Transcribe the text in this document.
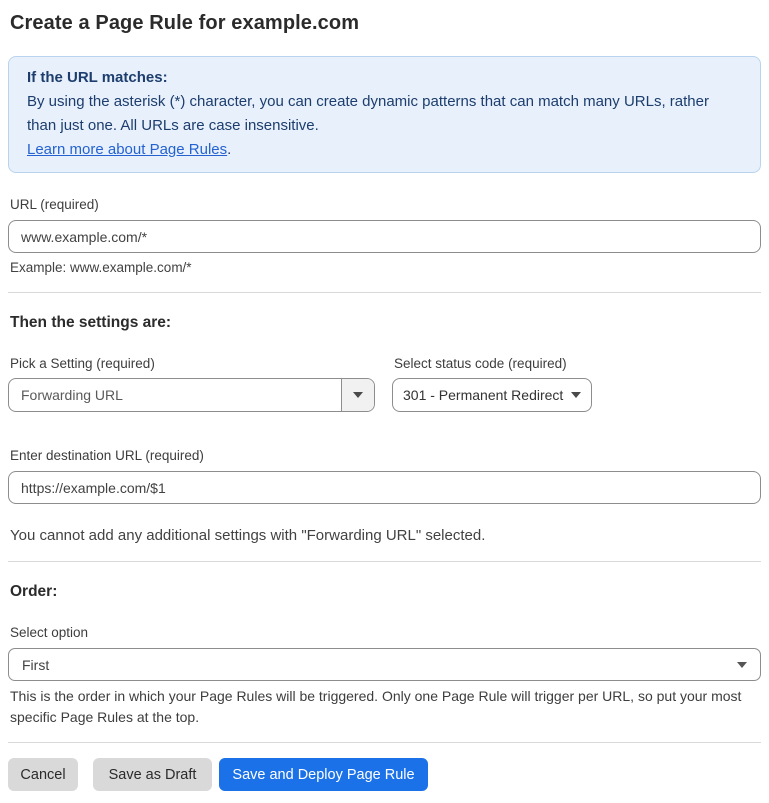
Create a Page Rule for example.com
If the URL matches:
By using the asterisk (*) character, you can create dynamic patterns that can match many URLs, rather than just one. All URLs are case insensitive.
Learn more about Page Rules.
URL (required)
www.example.com/*
Example: www.example.com/*
Then the settings are:
Pick a Setting (required)
Forwarding URL
Select status code (required)
301 - Permanent Redirect
Enter destination URL (required)
https://example.com/$1

You cannot add any additional settings with "Forwarding URL" selected.

Order:
Select option
First

This is the order in which your Page Rules will be triggered. Only one Page Rule will trigger per URL, so put your most specific Page Rules at the top.

Cancel	Save as Draft	Save and Deploy Page Rule
